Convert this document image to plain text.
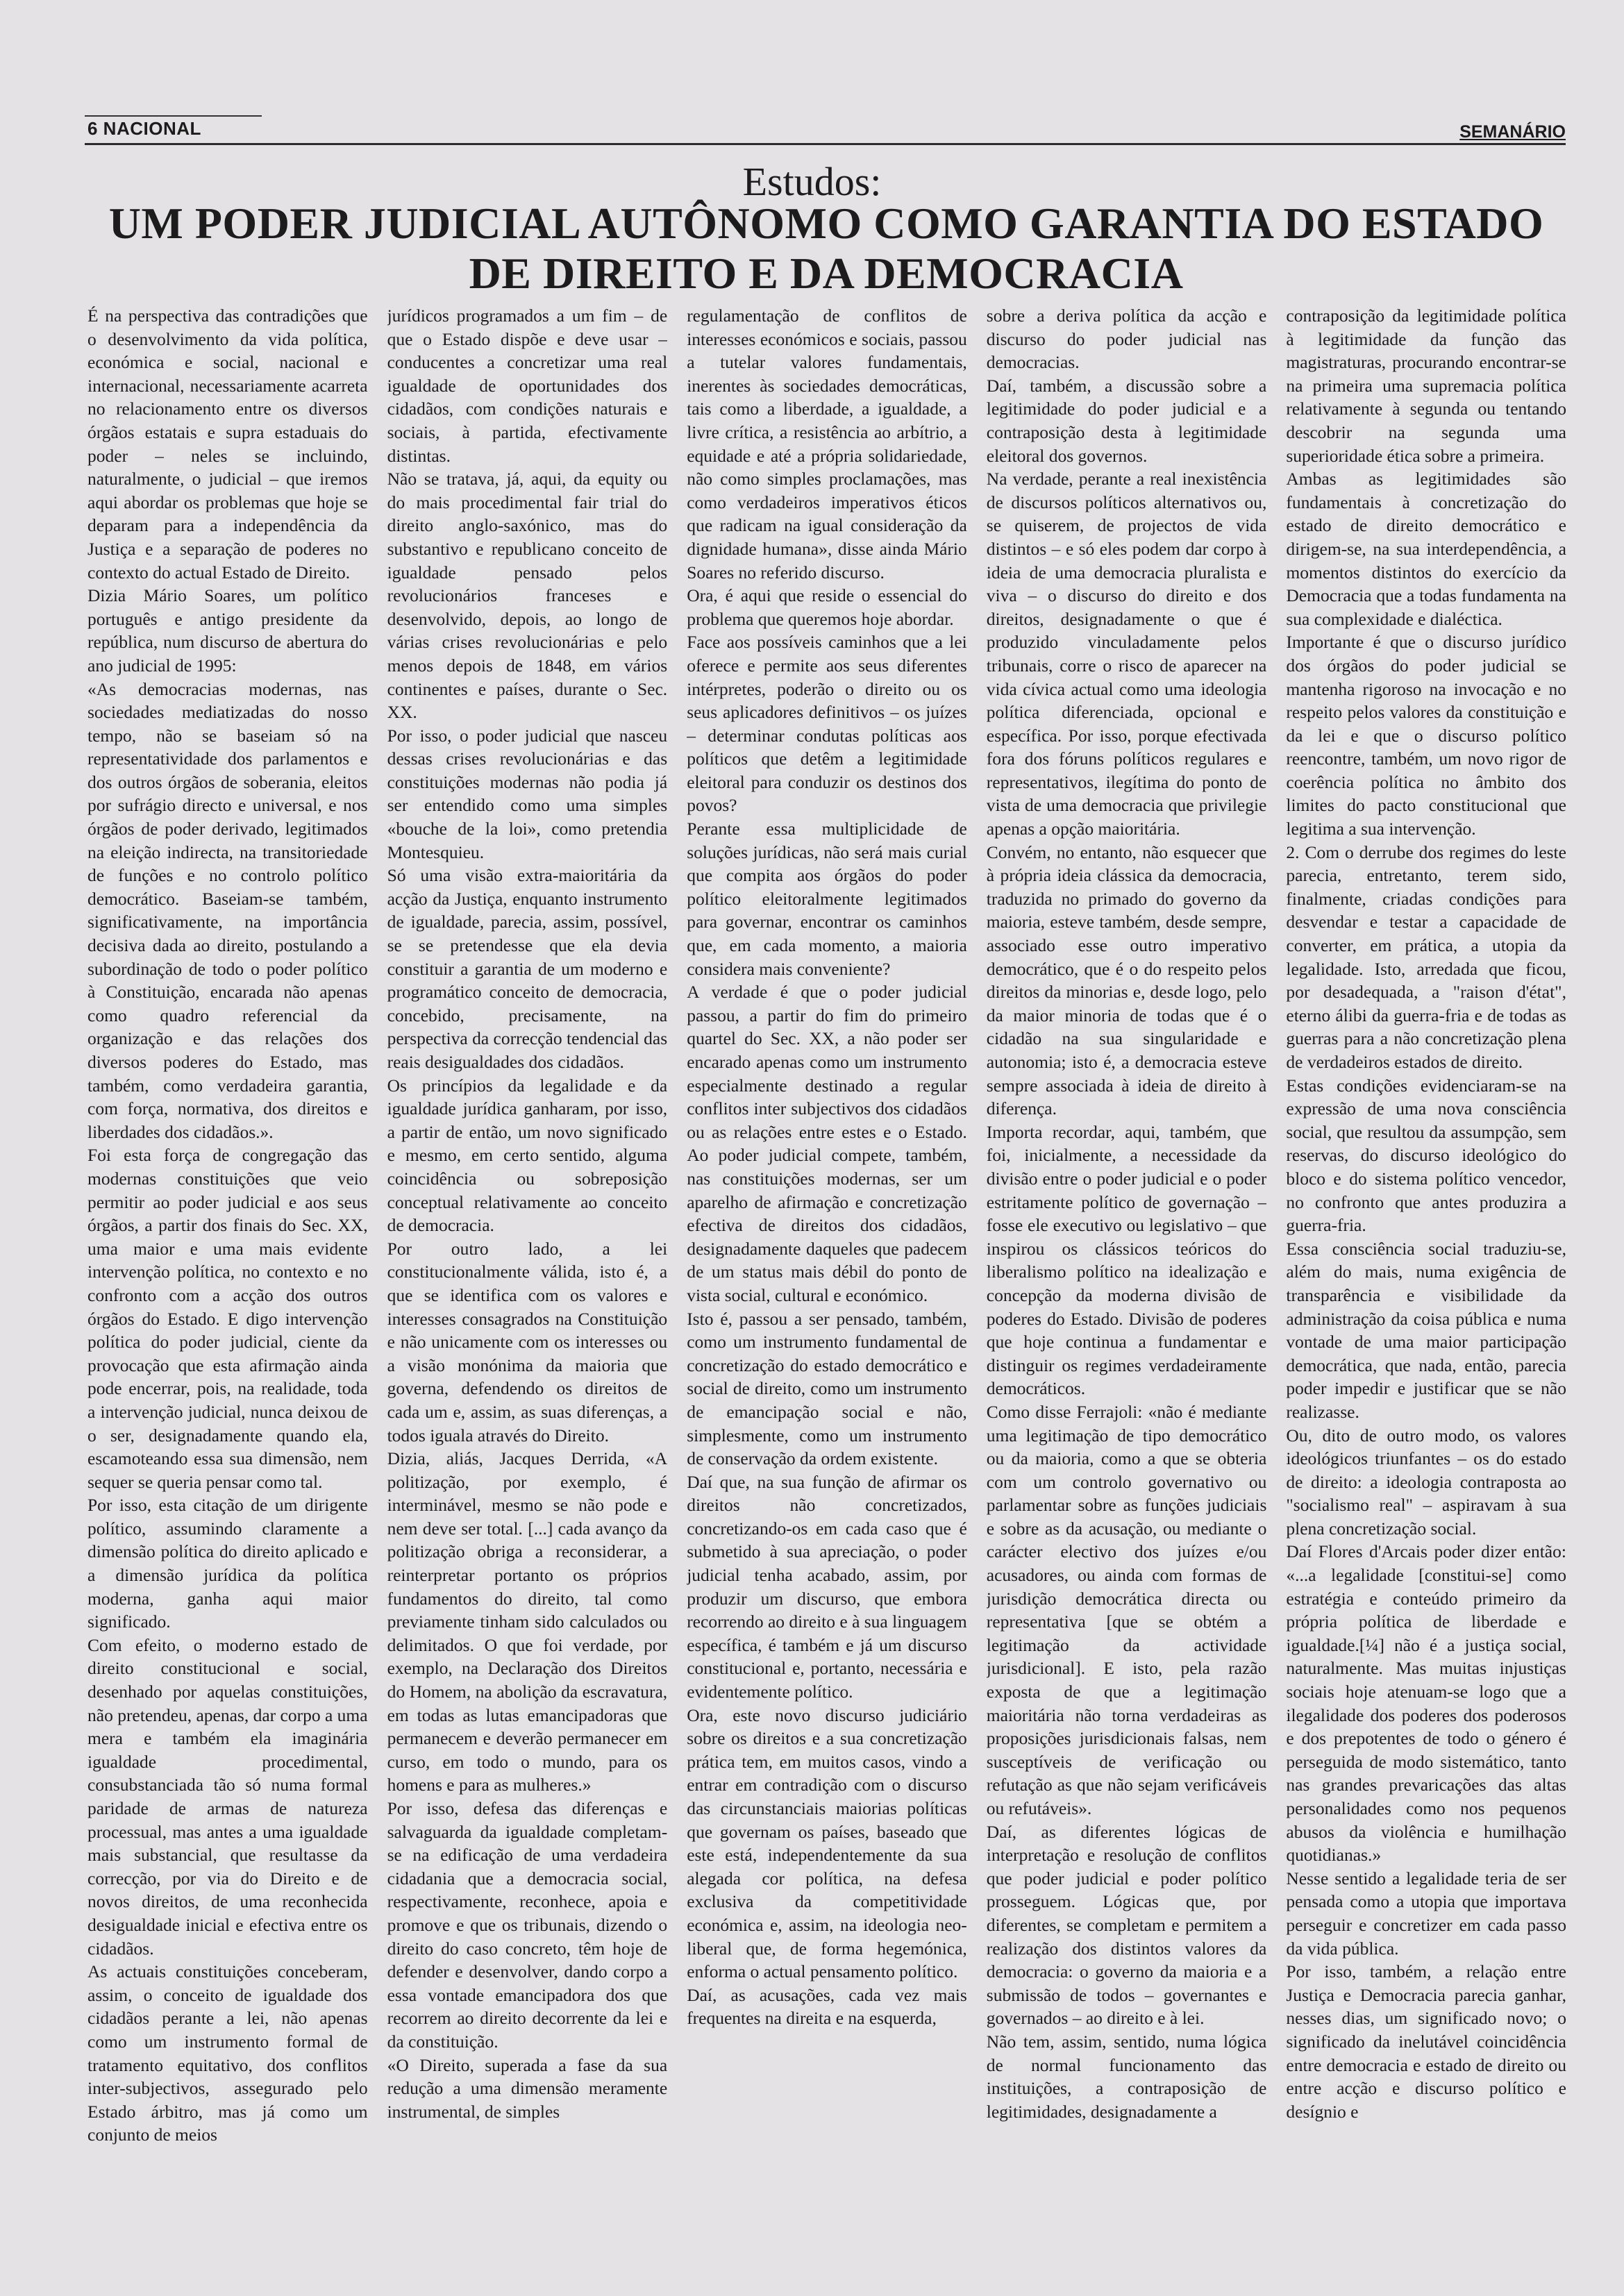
6 NACIONAL	SEMANÁRIO
Estudos:
UM PODER JUDICIAL AUTÔNOMO COMO GARANTIA DO ESTADO DE DIREITO E DA DEMOCRACIA

É na perspectiva das contradições que o desenvolvimento da vida política, económica e social, nacional e internacional, necessariamente acarreta no relacionamento entre os diversos órgãos estatais e supra estaduais do poder – neles se incluindo, naturalmente, o judicial – que iremos aqui abordar os problemas que hoje se deparam para a independência da Justiça e a separação de poderes no contexto do actual Estado de Direito.

Dizia Mário Soares, um político português e antigo presidente da república, num discurso de abertura do ano judicial de 1995:

«As democracias modernas, nas sociedades mediatizadas do nosso tempo, não se baseiam só na representatividade dos parlamentos e dos outros órgãos de soberania, eleitos por sufrágio directo e universal, e nos órgãos de poder derivado, legitimados na eleição indirecta, na transitoriedade de funções e no controlo político democrático. Baseiam-se também, significativamente, na importância decisiva dada ao direito, postulando a subordinação de todo o poder político à Constituição, encarada não apenas como quadro referencial da organização e das relações dos diversos poderes do Estado, mas também, como verdadeira garantia, com força, normativa, dos direitos e liberdades dos cidadãos.».

Foi esta força de congregação das modernas constituições que veio permitir ao poder judicial e aos seus órgãos, a partir dos finais do Sec. XX, uma maior e uma mais evidente intervenção política, no contexto e no confronto com a acção dos outros órgãos do Estado. E digo intervenção política do poder judicial, ciente da provocação que esta afirmação ainda pode encerrar, pois, na realidade, toda a intervenção judicial, nunca deixou de o ser, designadamente quando ela, escamoteando essa sua dimensão, nem sequer se queria pensar como tal.

Por isso, esta citação de um dirigente político, assumindo claramente a dimensão política do direito aplicado e a dimensão jurídica da política moderna, ganha aqui maior significado.

Com efeito, o moderno estado de direito constitucional e social, desenhado por aquelas constituições, não pretendeu, apenas, dar corpo a uma mera e também ela imaginária igualdade procedimental, consubstanciada tão só numa formal paridade de armas de natureza processual, mas antes a uma igualdade mais substancial, que resultasse da correcção, por via do Direito e de novos direitos, de uma reconhecida desigualdade inicial e efectiva entre os cidadãos.

As actuais constituições conceberam, assim, o conceito de igualdade dos cidadãos perante a lei, não apenas como um instrumento formal de tratamento equitativo, dos conflitos inter-subjectivos, assegurado pelo Estado árbitro, mas já como um conjunto de meios

jurídicos programados a um fim – de que o Estado dispõe e deve usar – conducentes a concretizar uma real igualdade de oportunidades dos cidadãos, com condições naturais e sociais, à partida, efectivamente distintas.

Não se tratava, já, aqui, da equity ou do mais procedimental fair trial do direito anglo-saxónico, mas do substantivo e republicano conceito de igualdade pensado pelos revolucionários franceses e desenvolvido, depois, ao longo de várias crises revolucionárias e pelo menos depois de 1848, em vários continentes e países, durante o Sec. XX.

Por isso, o poder judicial que nasceu dessas crises revolucionárias e das constituições modernas não podia já ser entendido como uma simples «bouche de la loi», como pretendia Montesquieu.

Só uma visão extra-maioritária da acção da Justiça, enquanto instrumento de igualdade, parecia, assim, possível, se se pretendesse que ela devia constituir a garantia de um moderno e programático conceito de democracia, concebido, precisamente, na perspectiva da correcção tendencial das reais desigualdades dos cidadãos.

Os princípios da legalidade e da igualdade jurídica ganharam, por isso, a partir de então, um novo significado e mesmo, em certo sentido, alguma coincidência ou sobreposição conceptual relativamente ao conceito de democracia.

Por outro lado, a lei constitucionalmente válida, isto é, a que se identifica com os valores e interesses consagrados na Constituição e não unicamente com os interesses ou a visão monónima da maioria que governa, defendendo os direitos de cada um e, assim, as suas diferenças, a todos iguala através do Direito.

Dizia, aliás, Jacques Derrida, «A politização, por exemplo, é interminável, mesmo se não pode e nem deve ser total. [...] cada avanço da politização obriga a reconsiderar, a reinterpretar portanto os próprios fundamentos do direito, tal como previamente tinham sido calculados ou delimitados. O que foi verdade, por exemplo, na Declaração dos Direitos do Homem, na abolição da escravatura, em todas as lutas emancipadoras que permanecem e deverão permanecer em curso, em todo o mundo, para os homens e para as mulheres.»

Por isso, defesa das diferenças e salvaguarda da igualdade completam-se na edificação de uma verdadeira cidadania que a democracia social, respectivamente, reconhece, apoia e promove e que os tribunais, dizendo o direito do caso concreto, têm hoje de defender e desenvolver, dando corpo a essa vontade emancipadora dos que recorrem ao direito decorrente da lei e da constituição.

«O Direito, superada a fase da sua redução a uma dimensão meramente instrumental, de simples

regulamentação de conflitos de interesses económicos e sociais, passou a tutelar valores fundamentais, inerentes às sociedades democráticas, tais como a liberdade, a igualdade, a livre crítica, a resistência ao arbítrio, a equidade e até a própria solidariedade, não como simples proclamações, mas como verdadeiros imperativos éticos que radicam na igual consideração da dignidade humana», disse ainda Mário Soares no referido discurso.

Ora, é aqui que reside o essencial do problema que queremos hoje abordar.

Face aos possíveis caminhos que a lei oferece e permite aos seus diferentes intérpretes, poderão o direito ou os seus aplicadores definitivos – os juízes – determinar condutas políticas aos políticos que detêm a legitimidade eleitoral para conduzir os destinos dos povos?

Perante essa multiplicidade de soluções jurídicas, não será mais curial que compita aos órgãos do poder político eleitoralmente legitimados para governar, encontrar os caminhos que, em cada momento, a maioria considera mais conveniente?

A verdade é que o poder judicial passou, a partir do fim do primeiro quartel do Sec. XX, a não poder ser encarado apenas como um instrumento especialmente destinado a regular conflitos inter subjectivos dos cidadãos ou as relações entre estes e o Estado. Ao poder judicial compete, também, nas constituições modernas, ser um aparelho de afirmação e concretização efectiva de direitos dos cidadãos, designadamente daqueles que padecem de um status mais débil do ponto de vista social, cultural e económico.

Isto é, passou a ser pensado, também, como um instrumento fundamental de concretização do estado democrático e social de direito, como um instrumento de emancipação social e não, simplesmente, como um instrumento de conservação da ordem existente.

Daí que, na sua função de afirmar os direitos não concretizados, concretizando-os em cada caso que é submetido à sua apreciação, o poder judicial tenha acabado, assim, por produzir um discurso, que embora recorrendo ao direito e à sua linguagem específica, é também e já um discurso constitucional e, portanto, necessária e evidentemente político.

Ora, este novo discurso judiciário sobre os direitos e a sua concretização prática tem, em muitos casos, vindo a entrar em contradição com o discurso das circunstanciais maiorias políticas que governam os países, baseado que este está, independentemente da sua alegada cor política, na defesa exclusiva da competitividade económica e, assim, na ideologia neo-liberal que, de forma hegemónica, enforma o actual pensamento político.

Daí, as acusações, cada vez mais frequentes na direita e na esquerda,

sobre a deriva política da acção e discurso do poder judicial nas democracias.

Daí, também, a discussão sobre a legitimidade do poder judicial e a contraposição desta à legitimidade eleitoral dos governos.

Na verdade, perante a real inexistência de discursos políticos alternativos ou, se quiserem, de projectos de vida distintos – e só eles podem dar corpo à ideia de uma democracia pluralista e viva – o discurso do direito e dos direitos, designadamente o que é produzido vinculadamente pelos tribunais, corre o risco de aparecer na vida cívica actual como uma ideologia política diferenciada, opcional e específica. Por isso, porque efectivada fora dos fóruns políticos regulares e representativos, ilegítima do ponto de vista de uma democracia que privilegie apenas a opção maioritária.

Convém, no entanto, não esquecer que à própria ideia clássica da democracia, traduzida no primado do governo da maioria, esteve também, desde sempre, associado esse outro imperativo democrático, que é o do respeito pelos direitos da minorias e, desde logo, pelo da maior minoria de todas que é o cidadão na sua singularidade e autonomia; isto é, a democracia esteve sempre associada à ideia de direito à diferença.

Importa recordar, aqui, também, que foi, inicialmente, a necessidade da divisão entre o poder judicial e o poder estritamente político de governação – fosse ele executivo ou legislativo – que inspirou os clássicos teóricos do liberalismo político na idealização e concepção da moderna divisão de poderes do Estado. Divisão de poderes que hoje continua a fundamentar e distinguir os regimes verdadeiramente democráticos.

Como disse Ferrajoli: «não é mediante uma legitimação de tipo democrático ou da maioria, como a que se obteria com um controlo governativo ou parlamentar sobre as funções judiciais e sobre as da acusação, ou mediante o carácter electivo dos juízes e/ou acusadores, ou ainda com formas de jurisdição democrática directa ou representativa [que se obtém a legitimação da actividade jurisdicional]. E isto, pela razão exposta de que a legitimação maioritária não torna verdadeiras as proposições jurisdicionais falsas, nem susceptíveis de verificação ou refutação as que não sejam verificáveis ou refutáveis».

Daí, as diferentes lógicas de interpretação e resolução de conflitos que poder judicial e poder político prosseguem. Lógicas que, por diferentes, se completam e permitem a realização dos distintos valores da democracia: o governo da maioria e a submissão de todos – governantes e governados – ao direito e à lei.

Não tem, assim, sentido, numa lógica de normal funcionamento das instituições, a contraposição de legitimidades, designadamente a

contraposição da legitimidade política à legitimidade da função das magistraturas, procurando encontrar-se na primeira uma supremacia política relativamente à segunda ou tentando descobrir na segunda uma superioridade ética sobre a primeira.

Ambas as legitimidades são fundamentais à concretização do estado de direito democrático e dirigem-se, na sua interdependência, a momentos distintos do exercício da Democracia que a todas fundamenta na sua complexidade e dialéctica.

Importante é que o discurso jurídico dos órgãos do poder judicial se mantenha rigoroso na invocação e no respeito pelos valores da constituição e da lei e que o discurso político reencontre, também, um novo rigor de coerência política no âmbito dos limites do pacto constitucional que legitima a sua intervenção.

2. Com o derrube dos regimes do leste parecia, entretanto, terem sido, finalmente, criadas condições para desvendar e testar a capacidade de converter, em prática, a utopia da legalidade. Isto, arredada que ficou, por desadequada, a "raison d'état", eterno álibi da guerra-fria e de todas as guerras para a não concretização plena de verdadeiros estados de direito.

Estas condições evidenciaram-se na expressão de uma nova consciência social, que resultou da assumpção, sem reservas, do discurso ideológico do bloco e do sistema político vencedor, no confronto que antes produzira a guerra-fria.

Essa consciência social traduziu-se, além do mais, numa exigência de transparência e visibilidade da administração da coisa pública e numa vontade de uma maior participação democrática, que nada, então, parecia poder impedir e justificar que se não realizasse.

Ou, dito de outro modo, os valores ideológicos triunfantes – os do estado de direito: a ideologia contraposta ao "socialismo real" – aspiravam à sua plena concretização social.

Daí Flores d'Arcais poder dizer então: «...a legalidade [constitui-se] como estratégia e conteúdo primeiro da própria política de liberdade e igualdade.[¼] não é a justiça social, naturalmente. Mas muitas injustiças sociais hoje atenuam-se logo que a ilegalidade dos poderes dos poderosos e dos prepotentes de todo o género é perseguida de modo sistemático, tanto nas grandes prevaricações das altas personalidades como nos pequenos abusos da violência e humilhação quotidianas.»

Nesse sentido a legalidade teria de ser pensada como a utopia que importava perseguir e concretizer em cada passo da vida pública.

Por isso, também, a relação entre Justiça e Democracia parecia ganhar, nesses dias, um significado novo; o significado da inelutável coincidência entre democracia e estado de direito ou entre acção e discurso político e desígnio e
